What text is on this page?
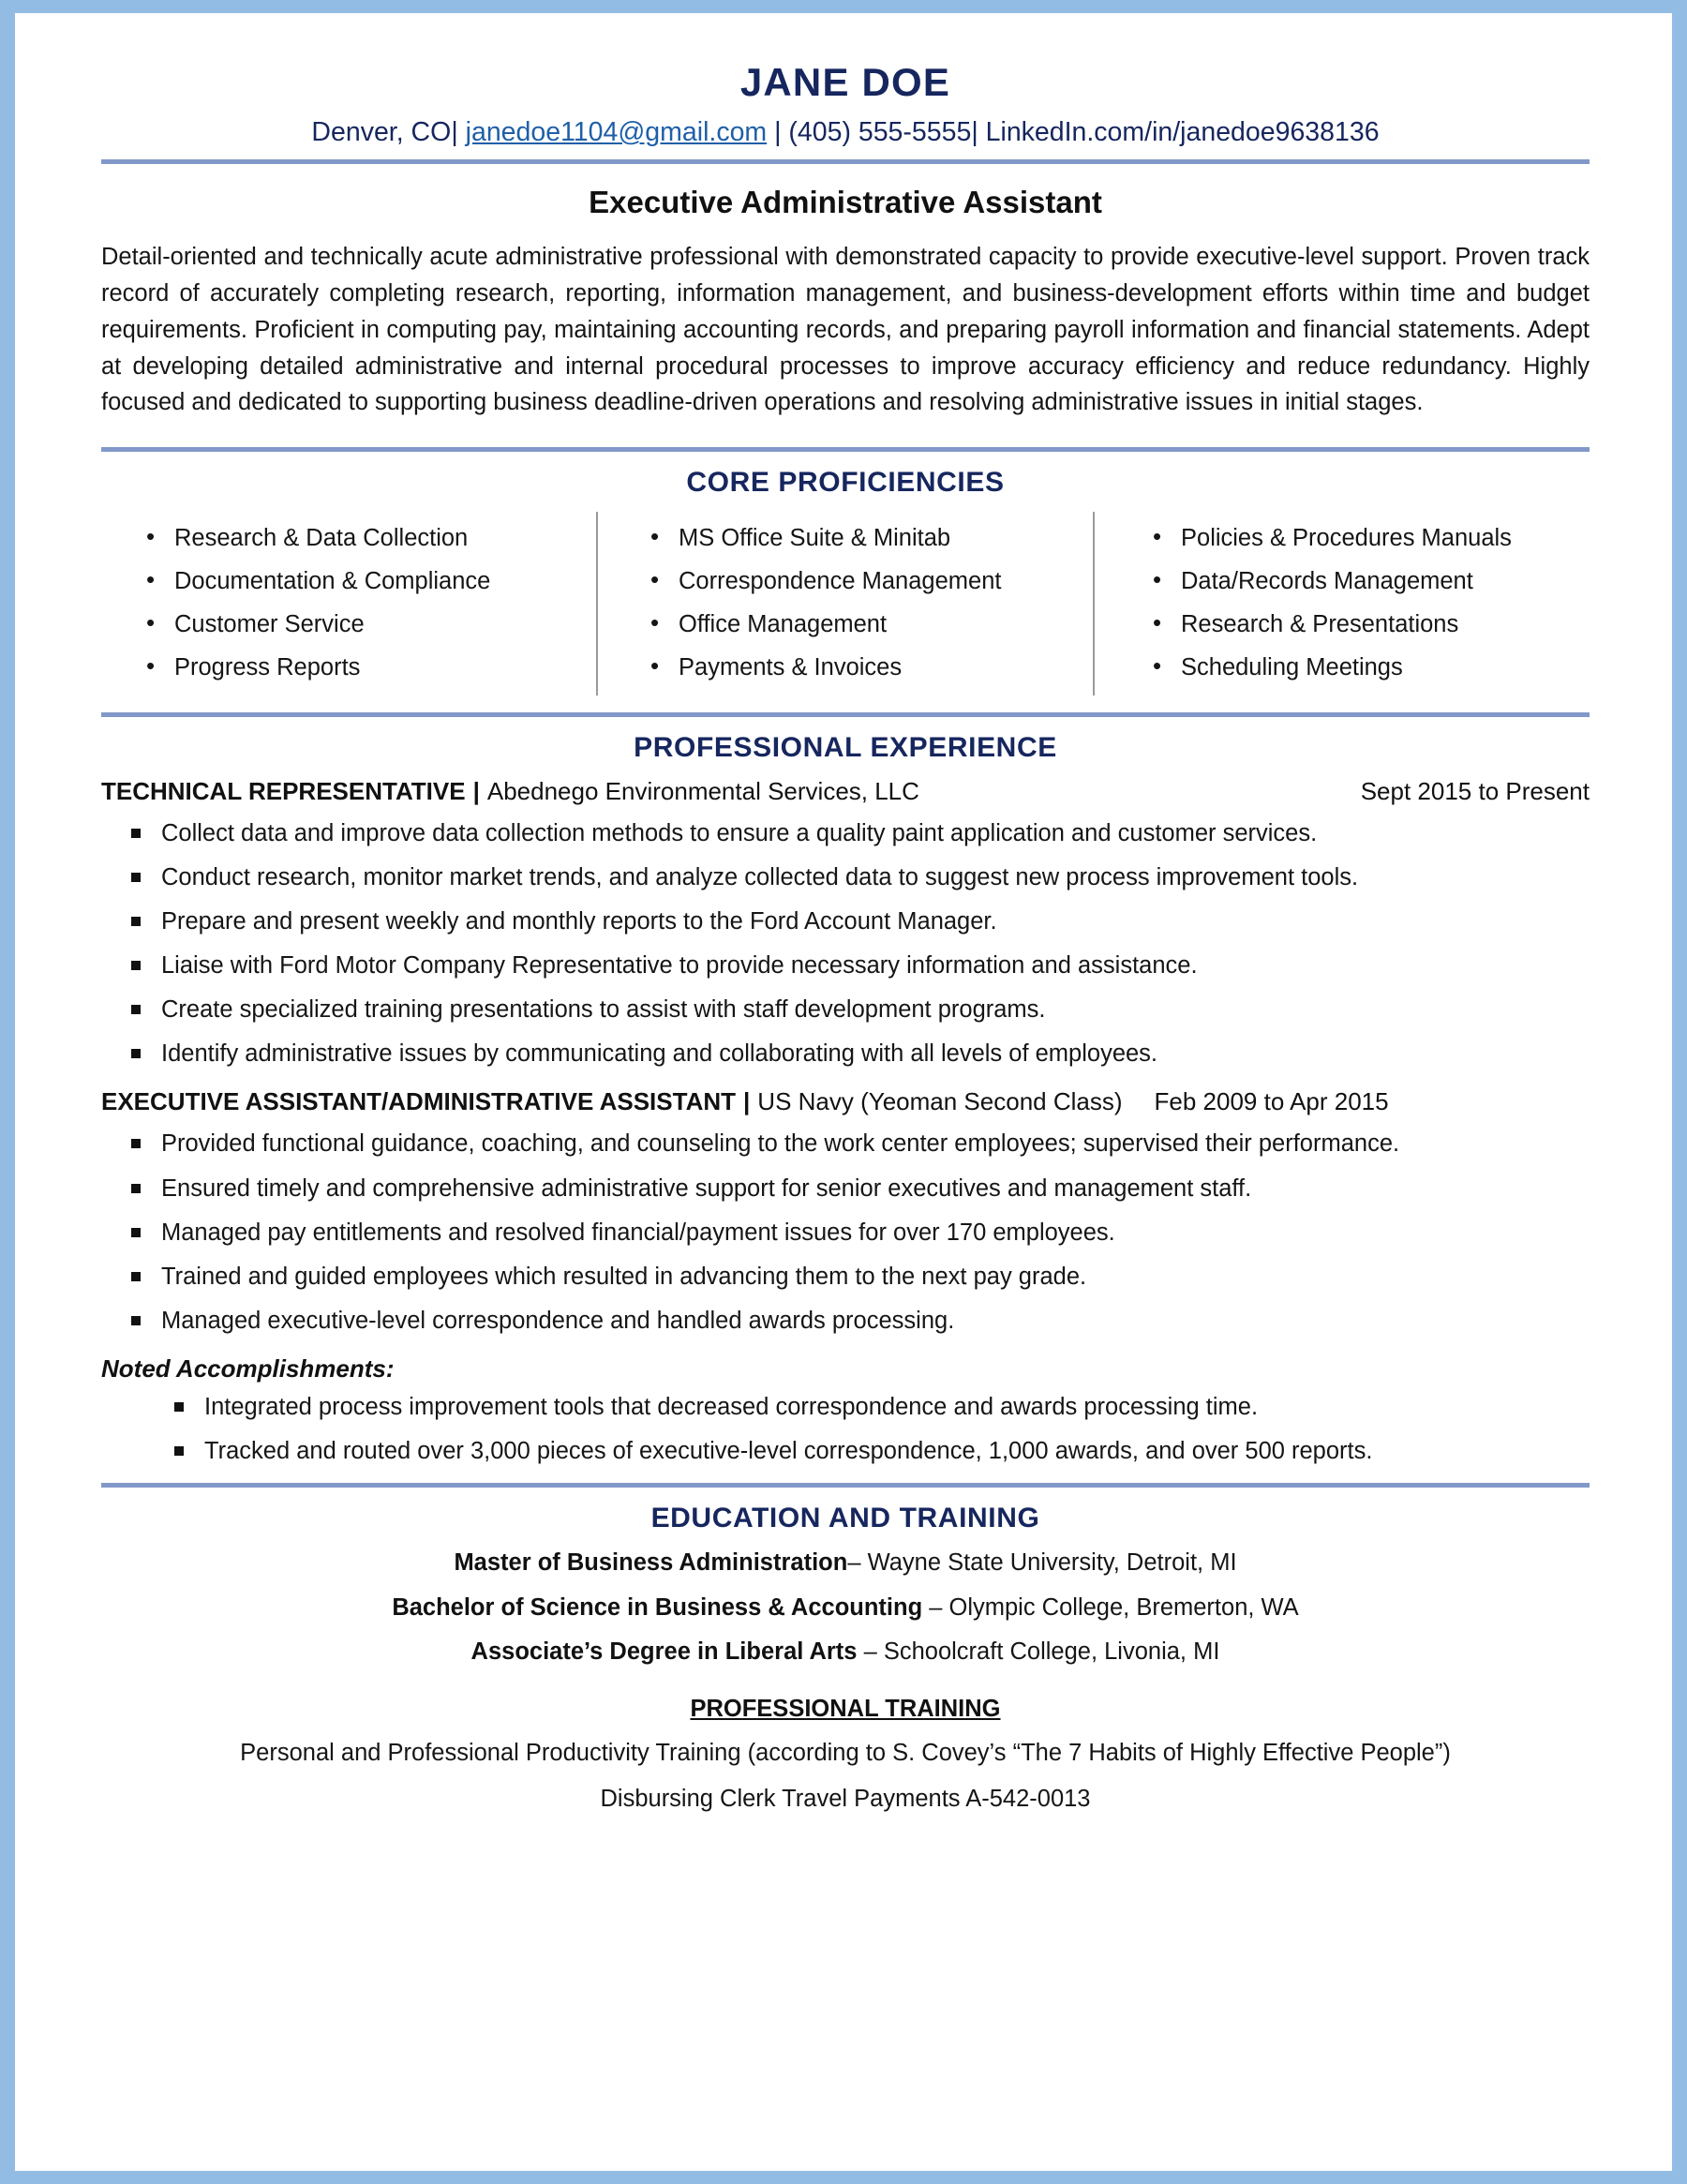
JANE DOE
Denver, CO| janedoe1104@gmail.com | (405) 555-5555| LinkedIn.com/in/janedoe9638136
Executive Administrative Assistant
Detail-oriented and technically acute administrative professional with demonstrated capacity to provide executive-level support. Proven track record of accurately completing research, reporting, information management, and business-development efforts within time and budget requirements. Proficient in computing pay, maintaining accounting records, and preparing payroll information and financial statements. Adept at developing detailed administrative and internal procedural processes to improve accuracy efficiency and reduce redundancy. Highly focused and dedicated to supporting business deadline-driven operations and resolving administrative issues in initial stages.
CORE PROFICIENCIES
• Research & Data Collection
• Documentation & Compliance
• Customer Service
• Progress Reports
• MS Office Suite & Minitab
• Correspondence Management
• Office Management
• Payments & Invoices
• Policies & Procedures Manuals
• Data/Records Management
• Research & Presentations
• Scheduling Meetings
PROFESSIONAL EXPERIENCE
TECHNICAL REPRESENTATIVE | Abednego Environmental Services, LLC	Sept 2015 to Present
Collect data and improve data collection methods to ensure a quality paint application and customer services.
Conduct research, monitor market trends, and analyze collected data to suggest new process improvement tools.
Prepare and present weekly and monthly reports to the Ford Account Manager.
Liaise with Ford Motor Company Representative to provide necessary information and assistance.
Create specialized training presentations to assist with staff development programs.
Identify administrative issues by communicating and collaborating with all levels of employees.
EXECUTIVE ASSISTANT/ADMINISTRATIVE ASSISTANT | US Navy (Yeoman Second Class)	Feb 2009 to Apr 2015
Provided functional guidance, coaching, and counseling to the work center employees; supervised their performance.
Ensured timely and comprehensive administrative support for senior executives and management staff.
Managed pay entitlements and resolved financial/payment issues for over 170 employees.
Trained and guided employees which resulted in advancing them to the next pay grade.
Managed executive-level correspondence and handled awards processing.
Noted Accomplishments:
Integrated process improvement tools that decreased correspondence and awards processing time.
Tracked and routed over 3,000 pieces of executive-level correspondence, 1,000 awards, and over 500 reports.
EDUCATION AND TRAINING
Master of Business Administration– Wayne State University, Detroit, MI
Bachelor of Science in Business & Accounting – Olympic College, Bremerton, WA
Associate’s Degree in Liberal Arts – Schoolcraft College, Livonia, MI
PROFESSIONAL TRAINING
Personal and Professional Productivity Training (according to S. Covey’s “The 7 Habits of Highly Effective People”)
Disbursing Clerk Travel Payments A-542-0013
